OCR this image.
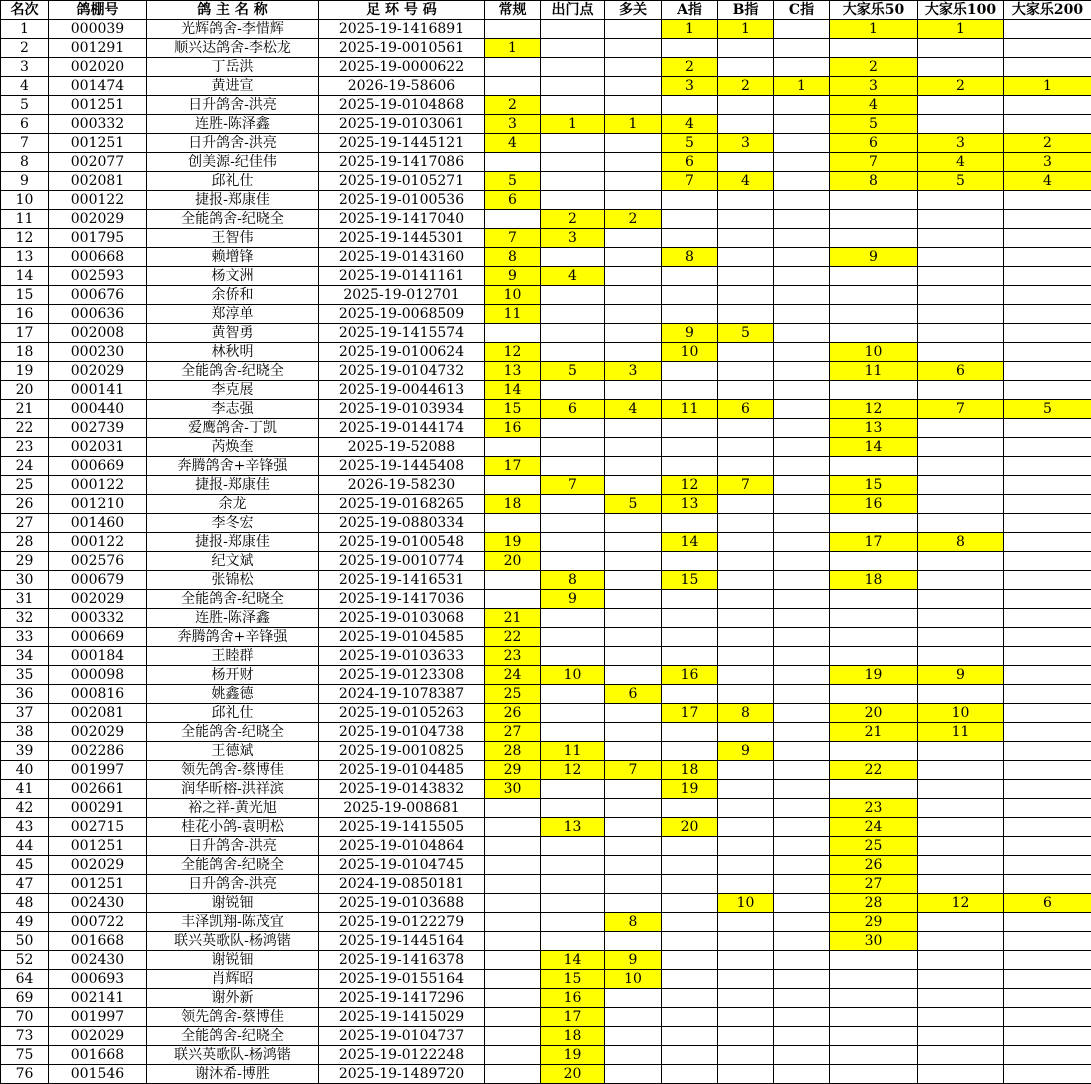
名次	鸽棚号	鸽 主 名 称	足 环 号 码	常规	出门点	多关	A指	B指	C指	大家乐50	大家乐100	大家乐200
1	000039	光辉鸽舍-李惜辉	2025-19-1416891				1	1		1	1	
2	001291	顺兴达鸽舍-李松龙	2025-19-0010561	1								
3	002020	丁岳洪	2025-19-0000622				2			2		
4	001474	黄进宣	2026-19-58606				3	2	1	3	2	1
5	001251	日升鸽舍-洪亮	2025-19-0104868	2						4		
6	000332	连胜-陈泽鑫	2025-19-0103061	3	1	1	4			5		
7	001251	日升鸽舍-洪亮	2025-19-1445121	4			5	3		6	3	2
8	002077	创美源-纪佳伟	2025-19-1417086				6			7	4	3
9	002081	邱礼仕	2025-19-0105271	5			7	4		8	5	4
10	000122	捷报-郑康佳	2025-19-0100536	6								
11	002029	全能鸽舍-纪晓全	2025-19-1417040		2	2						
12	001795	王智伟	2025-19-1445301	7	3							
13	000668	赖增锋	2025-19-0143160	8			8			9		
14	002593	杨文洲	2025-19-0141161	9	4							
15	000676	余侨和	2025-19-012701	10								
16	000636	郑淳单	2025-19-0068509	11								
17	002008	黄智勇	2025-19-1415574				9	5				
18	000230	林秋明	2025-19-0100624	12			10			10		
19	002029	全能鸽舍-纪晓全	2025-19-0104732	13	5	3				11	6	
20	000141	李克展	2025-19-0044613	14								
21	000440	李志强	2025-19-0103934	15	6	4	11	6		12	7	5
22	002739	爱鹰鸽舍-丁凯	2025-19-0144174	16						13		
23	002031	芮焕奎	2025-19-52088							14		
24	000669	奔腾鸽舍+辛锋强	2025-19-1445408	17								
25	000122	捷报-郑康佳	2026-19-58230		7		12	7		15		
26	001210	余龙	2025-19-0168265	18		5	13			16		
27	001460	李冬宏	2025-19-0880334									
28	000122	捷报-郑康佳	2025-19-0100548	19			14			17	8	
29	002576	纪文斌	2025-19-0010774	20								
30	000679	张锦松	2025-19-1416531		8		15			18		
31	002029	全能鸽舍-纪晓全	2025-19-1417036		9							
32	000332	连胜-陈泽鑫	2025-19-0103068	21								
33	000669	奔腾鸽舍+辛锋强	2025-19-0104585	22								
34	000184	王睦群	2025-19-0103633	23								
35	000098	杨开财	2025-19-0123308	24	10		16			19	9	
36	000816	姚鑫德	2024-19-1078387	25		6						
37	002081	邱礼仕	2025-19-0105263	26			17	8		20	10	
38	002029	全能鸽舍-纪晓全	2025-19-0104738	27						21	11	
39	002286	王德斌	2025-19-0010825	28	11			9				
40	001997	领先鸽舍-蔡博佳	2025-19-0104485	29	12	7	18			22		
41	002661	润华昕榕-洪祥滨	2025-19-0143832	30			19					
42	000291	裕之祥-黄光旭	2025-19-008681							23		
43	002715	桂花小鸽-袁明松	2025-19-1415505		13		20			24		
44	001251	日升鸽舍-洪亮	2025-19-0104864							25		
45	002029	全能鸽舍-纪晓全	2025-19-0104745							26		
47	001251	日升鸽舍-洪亮	2024-19-0850181							27		
48	002430	谢锐钿	2025-19-0103688					10		28	12	6
49	000722	丰泽凯翔-陈茂宜	2025-19-0122279			8				29		
50	001668	联兴英歌队-杨鸿锴	2025-19-1445164							30		
52	002430	谢锐钿	2025-19-1416378		14	9						
64	000693	肖辉昭	2025-19-0155164		15	10						
69	002141	谢外新	2025-19-1417296		16							
70	001997	领先鸽舍-蔡博佳	2025-19-1415029		17							
73	002029	全能鸽舍-纪晓全	2025-19-0104737		18							
75	001668	联兴英歌队-杨鸿锴	2025-19-0122248		19							
76	001546	谢沐希-博胜	2025-19-1489720		20							
